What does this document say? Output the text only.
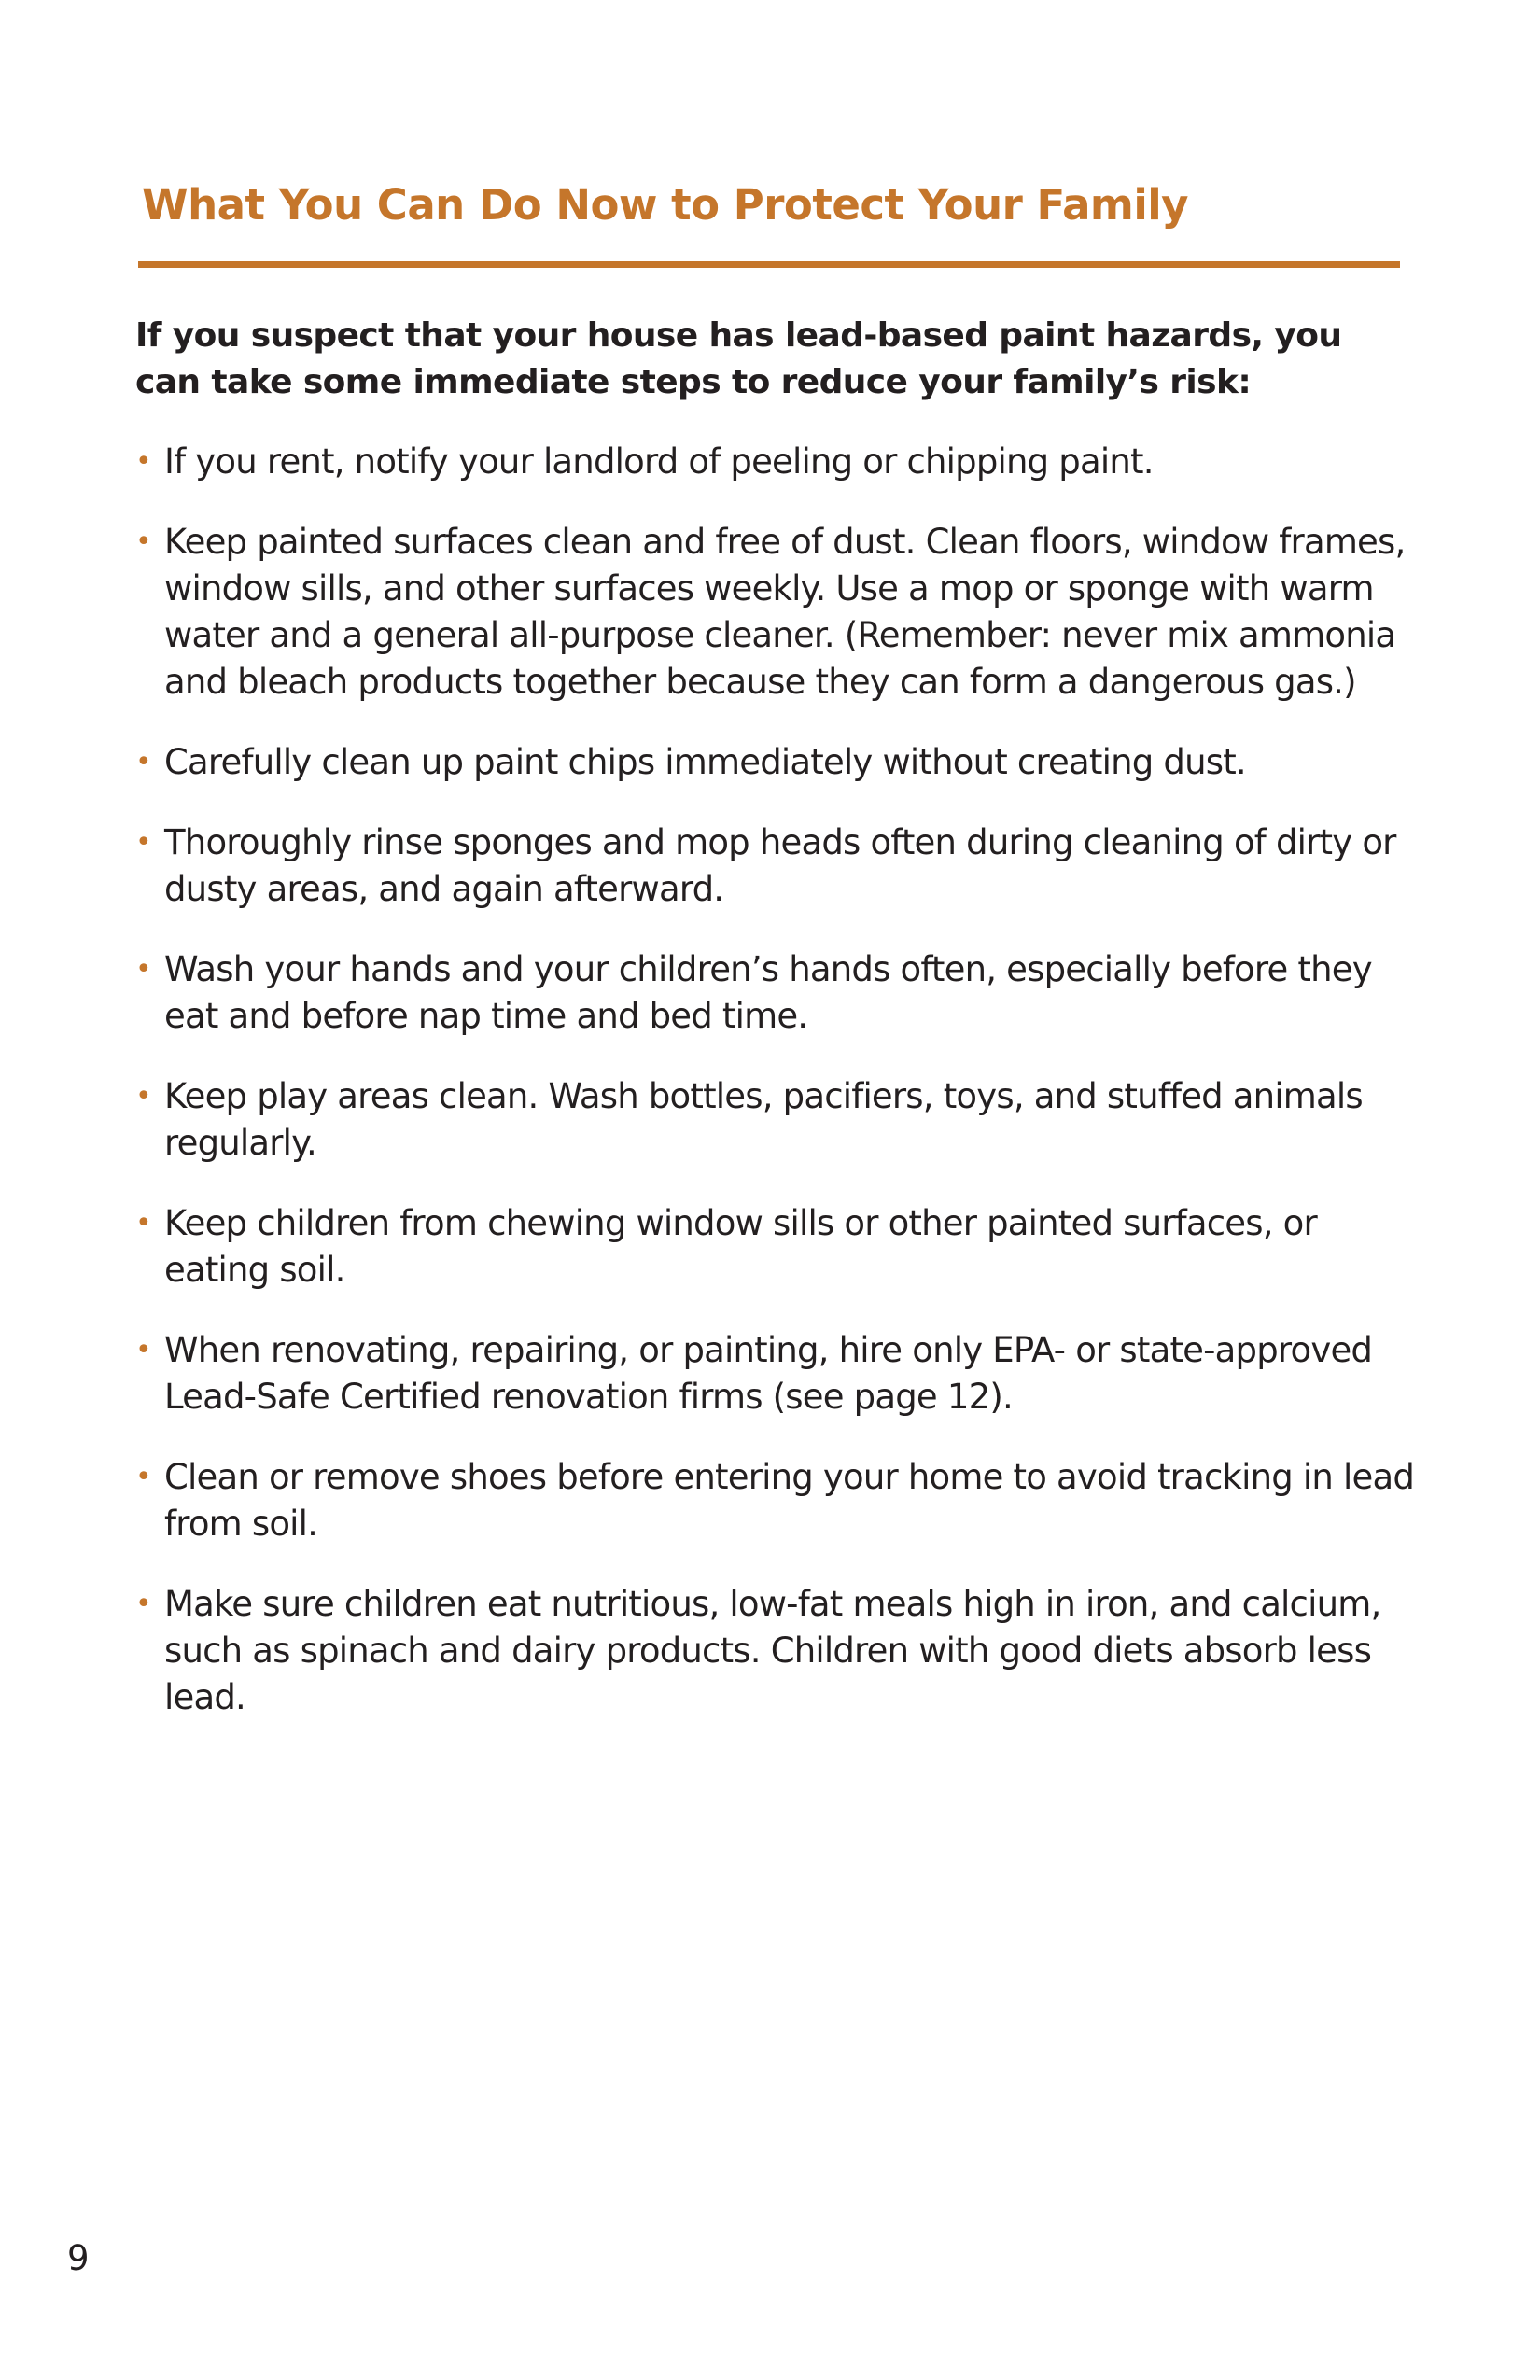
What You Can Do Now to Protect Your Family

If you suspect that your house has lead-based paint hazards, you can take some immediate steps to reduce your family’s risk:

• If you rent, notify your landlord of peeling or chipping paint.
• Keep painted surfaces clean and free of dust. Clean floors, window frames, window sills, and other surfaces weekly. Use a mop or sponge with warm water and a general all-purpose cleaner. (Remember: never mix ammonia and bleach products together because they can form a dangerous gas.)
• Carefully clean up paint chips immediately without creating dust.
• Thoroughly rinse sponges and mop heads often during cleaning of dirty or dusty areas, and again afterward.
• Wash your hands and your children’s hands often, especially before they eat and before nap time and bed time.
• Keep play areas clean. Wash bottles, pacifiers, toys, and stuffed animals regularly.
• Keep children from chewing window sills or other painted surfaces, or eating soil.
• When renovating, repairing, or painting, hire only EPA- or state-approved Lead-Safe Certified renovation firms (see page 12).
• Clean or remove shoes before entering your home to avoid tracking in lead from soil.
• Make sure children eat nutritious, low-fat meals high in iron, and calcium, such as spinach and dairy products. Children with good diets absorb less lead.

9
